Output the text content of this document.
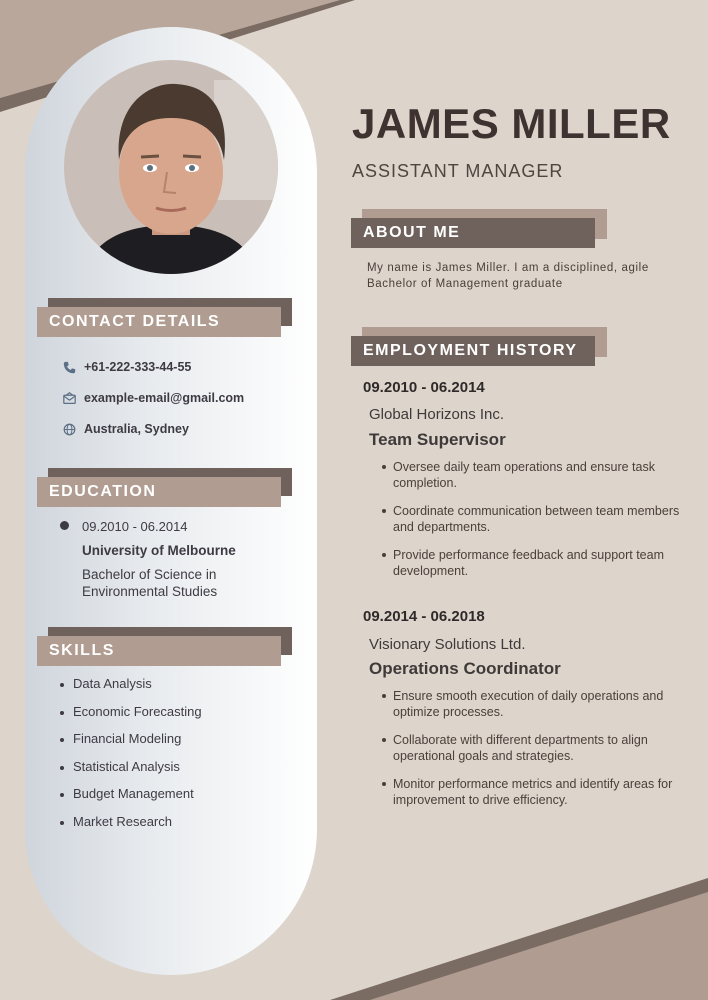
JAMES MILLER
ASSISTANT MANAGER
ABOUT ME
My name is James Miller. I am a disciplined, agile Bachelor of Management graduate
EMPLOYMENT HISTORY
09.2010 - 06.2014
Global Horizons Inc.
Team Supervisor
Oversee daily team operations and ensure task completion.
Coordinate communication between team members and departments.
Provide performance feedback and support team development.
09.2014 - 06.2018
Visionary Solutions Ltd.
Operations Coordinator
Ensure smooth execution of daily operations and optimize processes.
Collaborate with different departments to align operational goals and strategies.
Monitor performance metrics and identify areas for improvement to drive efficiency.
CONTACT DETAILS
+61-222-333-44-55
example-email@gmail.com
Australia, Sydney
EDUCATION
09.2010 - 06.2014
University of Melbourne
Bachelor of Science in Environmental Studies
SKILLS
Data Analysis
Economic Forecasting
Financial Modeling
Statistical Analysis
Budget Management
Market Research
